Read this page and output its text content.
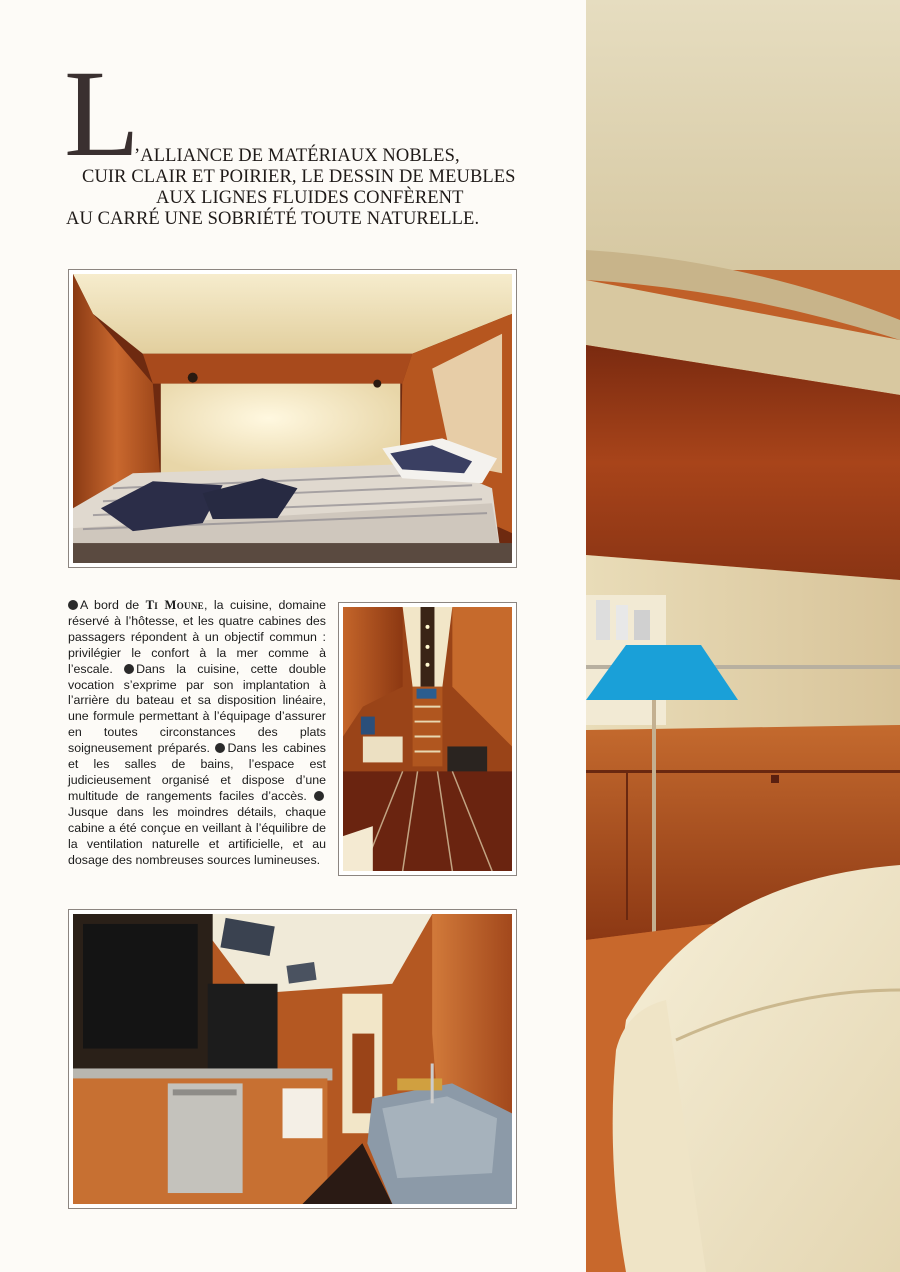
L
’ALLIANCE DE MATÉRIAUX NOBLES,
CUIR CLAIR ET POIRIER, LE DESSIN DE MEUBLES
AUX LIGNES FLUIDES CONFÈRENT
AU CARRÉ UNE SOBRIÉTÉ TOUTE NATURELLE.
A bord de Ti Moune, la cuisine, domaine réservé à l’hôtesse, et les quatre cabines des passagers répondent à un objectif commun : privilégier le confort à la mer comme à l’escale. Dans la cuisine, cette double vocation s’exprime par son implantation à l’arrière du bateau et sa disposition linéaire, une formule permettant à l’équipage d’assurer en toutes circonstances des plats soigneusement préparés. Dans les cabines et les salles de bains, l’espace est judicieusement organisé et dispose d’une multitude de rangements faciles d’accès. Jusque dans les moindres détails, chaque cabine a été conçue en veillant à l’équilibre de la ventilation naturelle et artificielle, et au dosage des nombreuses sources lumineuses.
